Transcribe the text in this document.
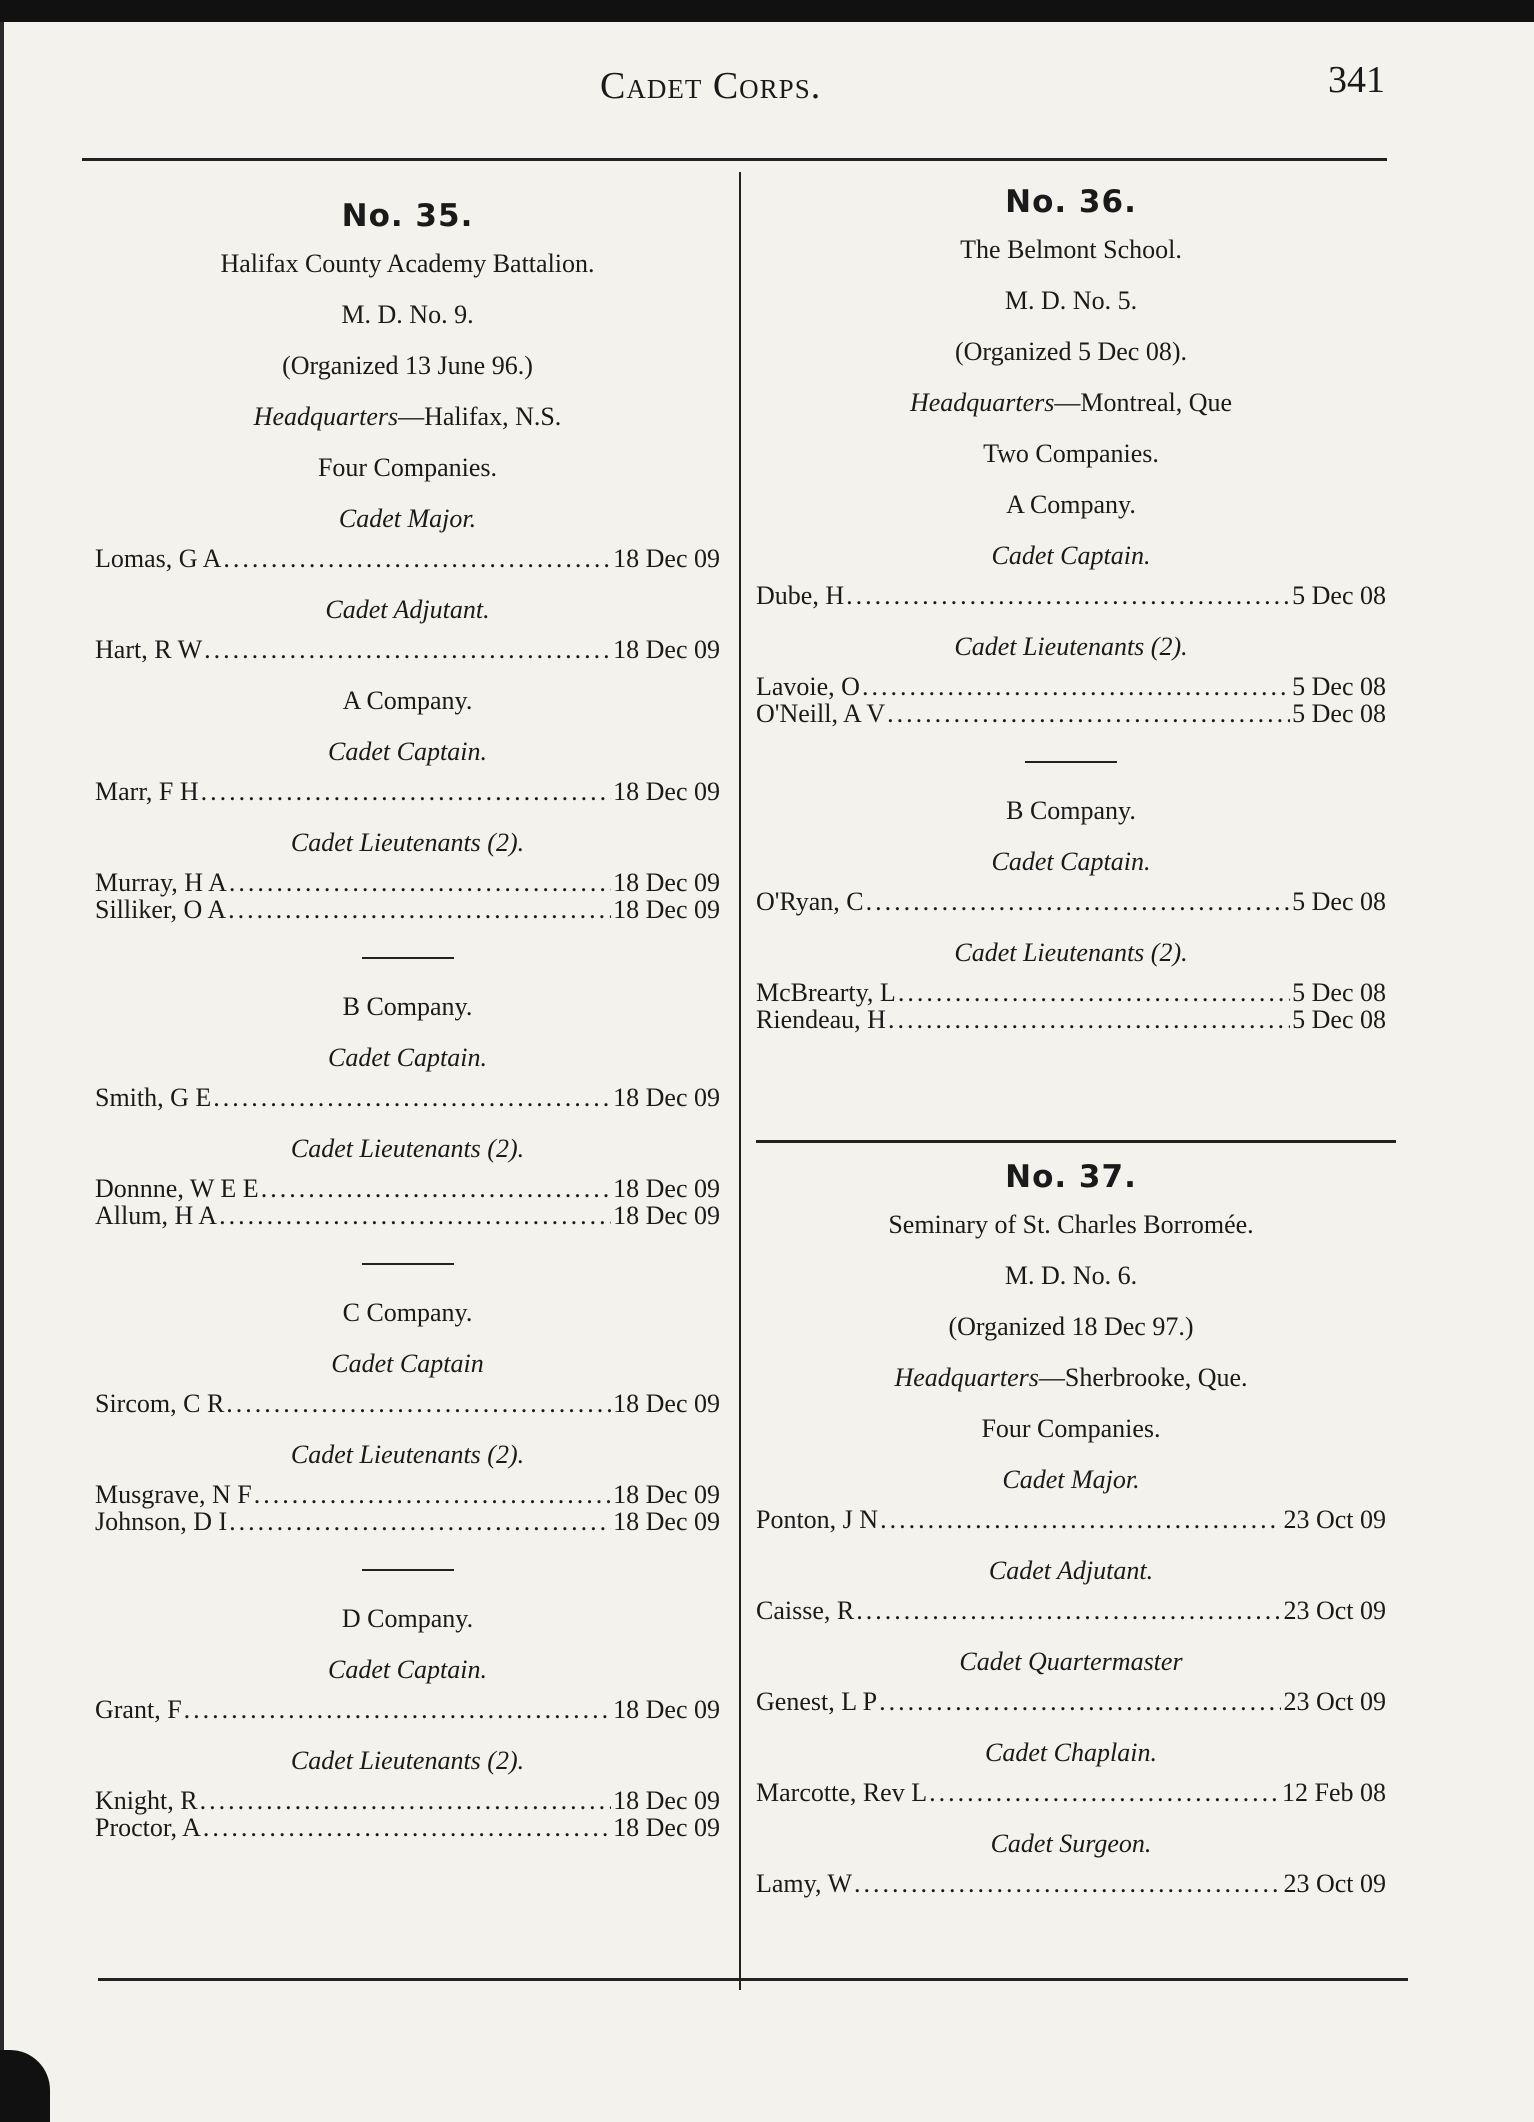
Cadet Corps.	341
No. 35.
Halifax County Academy Battalion.
M. D. No. 9.
(Organized 13 June 96.)
Headquarters—Halifax, N.S.
Four Companies.
Cadet Major.
Lomas, G A .....	18 Dec 09
Cadet Adjutant.
Hart, R W .....	18 Dec 09
A Company.
Cadet Captain.
Marr, F H .....	18 Dec 09
Cadet Lieutenants (2).
Murray, H A .....	18 Dec 09
Silliker, O A .....	18 Dec 09
B Company.
Cadet Captain.
Smith, G E .....	18 Dec 09
Cadet Lieutenants (2).
Donnne, W E E .....	18 Dec 09
Allum, H A .....	18 Dec 09
C Company.
Cadet Captain
Sircom, C R .....	18 Dec 09
Cadet Lieutenants (2).
Musgrave, N F .....	18 Dec 09
Johnson, D I .....	18 Dec 09
D Company.
Cadet Captain.
Grant, F .....	18 Dec 09
Cadet Lieutenants (2).
Knight, R .....	18 Dec 09
Proctor, A .....	18 Dec 09
No. 36.
The Belmont School.
M. D. No. 5.
(Organized 5 Dec 08).
Headquarters—Montreal, Que
Two Companies.
A Company.
Cadet Captain.
Dube, H .....	5 Dec 08
Cadet Lieutenants (2).
Lavoie, O .....	5 Dec 08
O'Neill, A V .....	5 Dec 08
B Company.
Cadet Captain.
O'Ryan, C .....	5 Dec 08
Cadet Lieutenants (2).
McBrearty, L .....	5 Dec 08
Riendeau, H .....	5 Dec 08
No. 37.
Seminary of St. Charles Borromée.
M. D. No. 6.
(Organized 18 Dec 97.)
Headquarters—Sherbrooke, Que.
Four Companies.
Cadet Major.
Ponton, J N .....	23 Oct 09
Cadet Adjutant.
Caisse, R .....	23 Oct 09
Cadet Quartermaster
Genest, L P .....	23 Oct 09
Cadet Chaplain.
Marcotte, Rev L .....	12 Feb 08
Cadet Surgeon.
Lamy, W .....	23 Oct 09
